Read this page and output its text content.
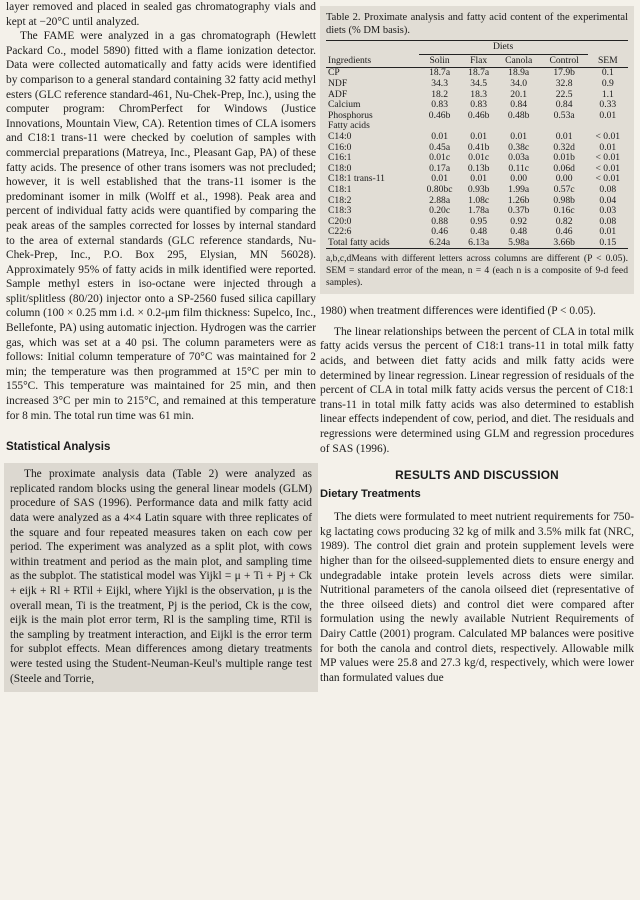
layer removed and placed in sealed gas chromatography vials and kept at −20°C until analyzed.

The FAME were analyzed in a gas chromatograph (Hewlett Packard Co., model 5890) fitted with a flame ionization detector. Data were collected automatically and fatty acids were identified by comparison to a general standard containing 32 fatty acid methyl esters (GLC reference standard-461, Nu-Chek-Prep, Inc.), using the computer program: ChromPerfect for Windows (Justice Innovations, Mountain View, CA). Retention times of CLA isomers and C18:1 trans-11 were checked by coelution of samples with commercial preparations (Matreya, Inc., Pleasant Gap, PA) of these fatty acids. The presence of other trans isomers was not precluded; however, it is well established that the trans-11 isomer is the predominant isomer in milk (Wolff et al., 1998). Peak area and percent of individual fatty acids were quantified by comparing the peak areas of the samples corrected for losses by internal standard to the area of external standards (GLC reference standards, Nu-Chek-Prep, Inc., P.O. Box 295, Elysian, MN 56028). Approximately 95% of fatty acids in milk identified were reported. Sample methyl esters in iso-octane were injected through a split/splitless (80/20) injector onto a SP-2560 fused silica capillary column (100 × 0.25 mm i.d. × 0.2-μm film thickness: Supelco, Inc., Bellefonte, PA) using automatic injection. Hydrogen was the carrier gas, which was set at a 40 psi. The column parameters were as follows: Initial column temperature of 70°C was maintained for 2 min; the temperature was then programmed at 15°C per min to 155°C. This temperature was maintained for 25 min, and then increased 3°C per min to 215°C, and remained at this temperature for 8 min. The total run time was 61 min.

Statistical Analysis

The proximate analysis data (Table 2) were analyzed as replicated random blocks using the general linear models (GLM) procedure of SAS (1996). Performance data and milk fatty acid data were analyzed as a 4×4 Latin square with three replicates of the square and four repeated measures taken on each cow per period. The experiment was analyzed as a split plot, with cows within treatment and period as the main plot, and sampling time as the subplot. The statistical model was Yijkl = μ + Ti + Pj + Ck + eijk + Rl + RTil + Eijkl, where Yijkl is the observation, μ is the overall mean, Ti is the treatment, Pj is the period, Ck is the cow, eijk is the main plot error term, Rl is the sampling time, RTil is the sampling by treatment interaction, and Eijkl is the error term for subplot effects. Mean differences among dietary treatments were tested using the Student-Neuman-Keul's multiple range test (Steele and Torrie,

Table 2. Proximate analysis and fatty acid content of the experimental diets (% DM basis).

	Diets				
Ingredients	Solin	Flax	Canola	Control	SEM
CP	18.7a	18.7a	18.9a	17.9b	0.1
NDF	34.3	34.5	34.0	32.8	0.9
ADF	18.2	18.3	20.1	22.5	1.1
Calcium	0.83	0.83	0.84	0.84	0.33
Phosphorus	0.46b	0.46b	0.48b	0.53a	0.01
Fatty acids					
C14:0	0.01	0.01	0.01	0.01	< 0.01
C16:0	0.45a	0.41b	0.38c	0.32d	0.01
C16:1	0.01c	0.01c	0.03a	0.01b	< 0.01
C18:0	0.17a	0.13b	0.11c	0.06d	< 0.01
C18:1 trans-11	0.01	0.01	0.00	0.00	< 0.01
C18:1	0.80bc	0.93b	1.99a	0.57c	0.08
C18:2	2.88a	1.08c	1.26b	0.98b	0.04
C18:3	0.20c	1.78a	0.37b	0.16c	0.03
C20:0	0.88	0.95	0.92	0.82	0.08
C22:6	0.46	0.48	0.48	0.46	0.01
Total fatty acids	6.24a	6.13a	5.98a	3.66b	0.15

a,b,c,dMeans with different letters across columns are different (P < 0.05). SEM = standard error of the mean, n = 4 (each n is a composite of 9-d feed samples).

1980) when treatment differences were identified (P < 0.05).

The linear relationships between the percent of CLA in total milk fatty acids versus the percent of C18:1 trans-11 in total milk fatty acids, and between diet fatty acids and milk fatty acids were determined by linear regression. Linear regression of residuals of the percent of CLA in total milk fatty acids versus the percent of C18:1 trans-11 in total milk fatty acids was also determined to establish linear effects independent of cow, period, and diet. The residuals and regressions were determined using GLM and regression procedures of SAS (1996).

RESULTS AND DISCUSSION
Dietary Treatments

The diets were formulated to meet nutrient requirements for 750-kg lactating cows producing 32 kg of milk and 3.5% milk fat (NRC, 1989). The control diet grain and protein supplement levels were higher than for the oilseed-supplemented diets to ensure energy and undegradable intake protein levels across diets were similar. Nutritional parameters of the canola oilseed diet (representative of the three oilseed diets) and control diet were compared after formulation using the newly available Nutrient Requirements of Dairy Cattle (2001) program. Calculated MP balances were positive for both the canola and control diets, respectively. Allowable milk MP values were 25.8 and 27.3 kg/d, respectively, which were lower than formulated values due
